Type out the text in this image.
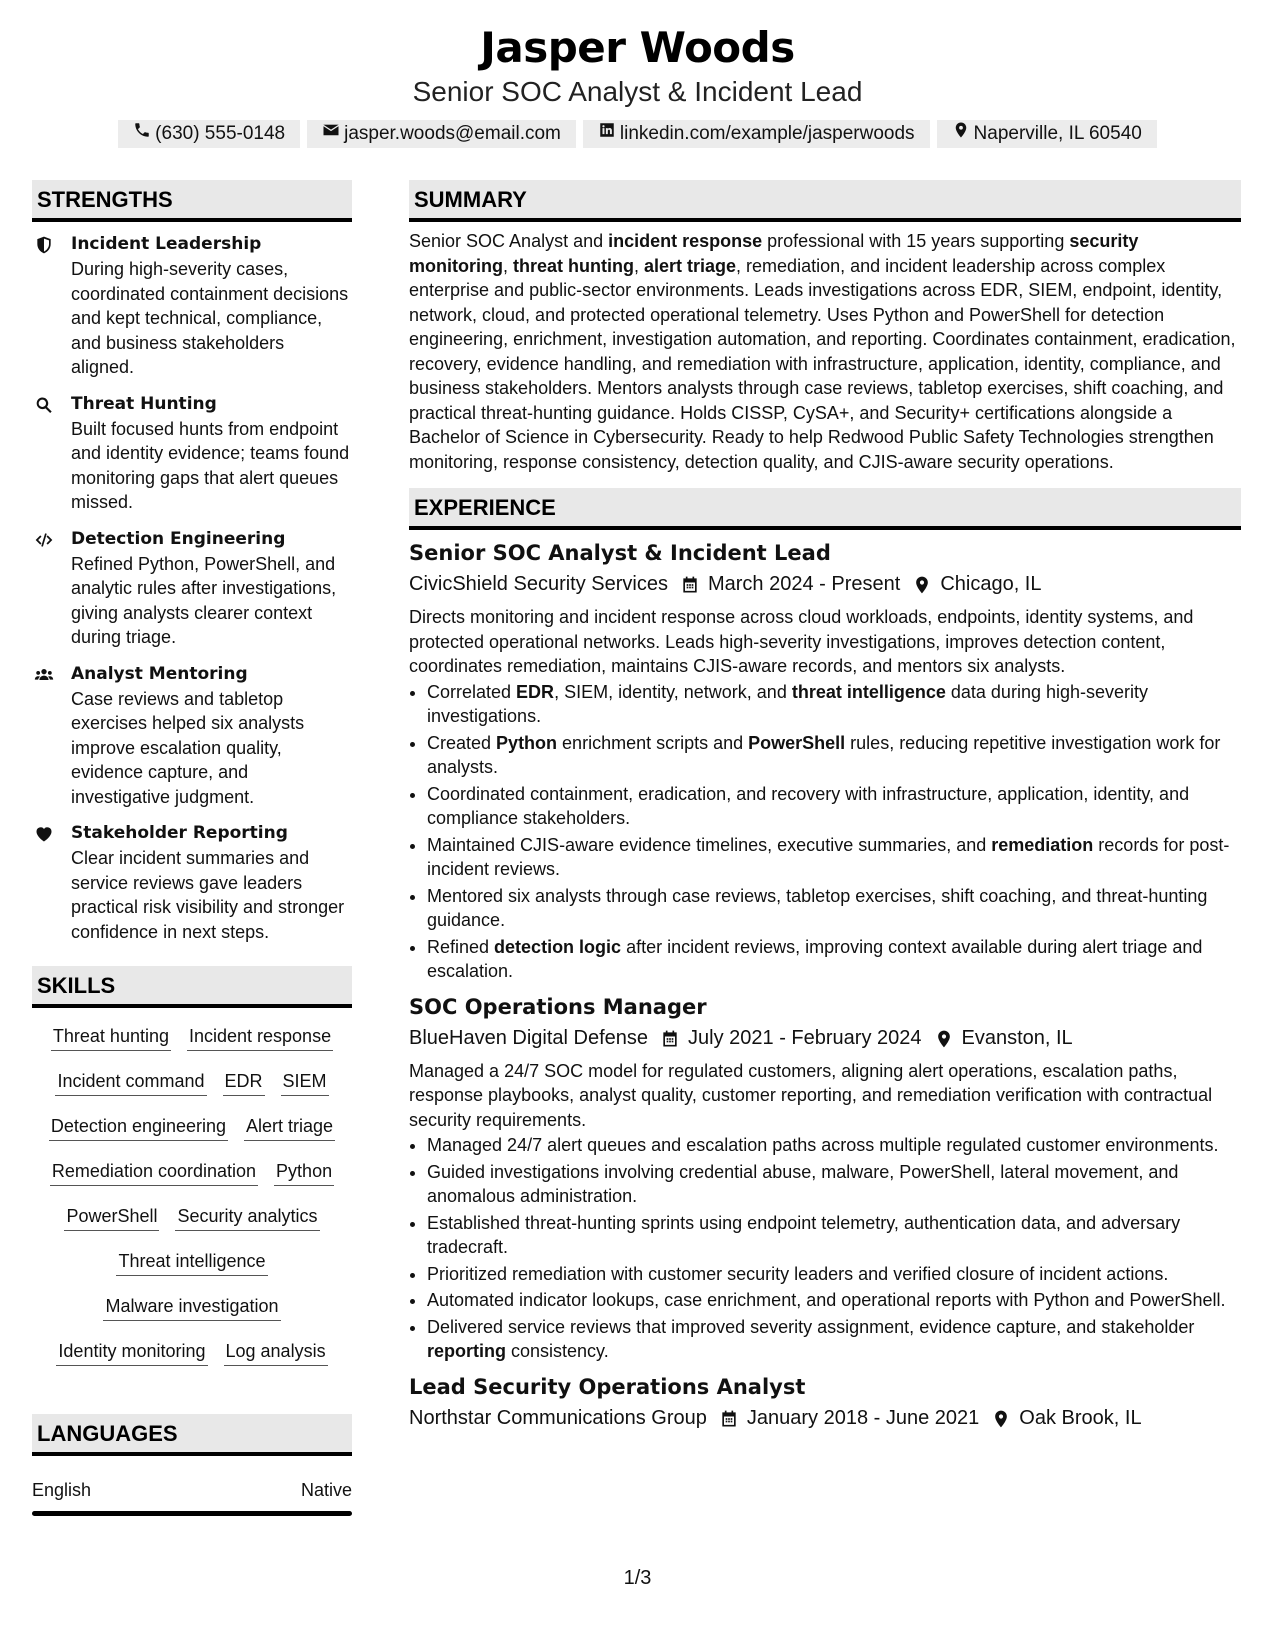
Jasper Woods
Senior SOC Analyst & Incident Lead
(630) 555-0148	jasper.woods@email.com	linkedin.com/example/jasperwoods	Naperville, IL 60540
STRENGTHS
Incident Leadership
During high-severity cases, coordinated containment decisions and kept technical, compliance, and business stakeholders aligned.
Threat Hunting
Built focused hunts from endpoint and identity evidence; teams found monitoring gaps that alert queues missed.
Detection Engineering
Refined Python, PowerShell, and analytic rules after investigations, giving analysts clearer context during triage.
Analyst Mentoring
Case reviews and tabletop exercises helped six analysts improve escalation quality, evidence capture, and investigative judgment.
Stakeholder Reporting
Clear incident summaries and service reviews gave leaders practical risk visibility and stronger confidence in next steps.
SKILLS
Threat hunting Incident response
Incident command EDR SIEM
Detection engineering Alert triage
Remediation coordination Python
PowerShell Security analytics
Threat intelligence
Malware investigation
Identity monitoring Log analysis
LANGUAGES
English	Native
SUMMARY
Senior SOC Analyst and incident response professional with 15 years supporting security monitoring, threat hunting, alert triage, remediation, and incident leadership across complex enterprise and public-sector environments. Leads investigations across EDR, SIEM, endpoint, identity, network, cloud, and protected operational telemetry. Uses Python and PowerShell for detection engineering, enrichment, investigation automation, and reporting. Coordinates containment, eradication, recovery, evidence handling, and remediation with infrastructure, application, identity, compliance, and business stakeholders. Mentors analysts through case reviews, tabletop exercises, shift coaching, and practical threat-hunting guidance. Holds CISSP, CySA+, and Security+ certifications alongside a Bachelor of Science in Cybersecurity. Ready to help Redwood Public Safety Technologies strengthen monitoring, response consistency, detection quality, and CJIS-aware security operations.
EXPERIENCE
Senior SOC Analyst & Incident Lead
CivicShield Security Services March 2024 - Present Chicago, IL
Directs monitoring and incident response across cloud workloads, endpoints, identity systems, and protected operational networks. Leads high-severity investigations, improves detection content, coordinates remediation, maintains CJIS-aware records, and mentors six analysts.
• Correlated EDR, SIEM, identity, network, and threat intelligence data during high-severity investigations.
• Created Python enrichment scripts and PowerShell rules, reducing repetitive investigation work for analysts.
• Coordinated containment, eradication, and recovery with infrastructure, application, identity, and compliance stakeholders.
• Maintained CJIS-aware evidence timelines, executive summaries, and remediation records for post-incident reviews.
• Mentored six analysts through case reviews, tabletop exercises, shift coaching, and threat-hunting guidance.
• Refined detection logic after incident reviews, improving context available during alert triage and escalation.
SOC Operations Manager
BlueHaven Digital Defense July 2021 - February 2024 Evanston, IL
Managed a 24/7 SOC model for regulated customers, aligning alert operations, escalation paths, response playbooks, analyst quality, customer reporting, and remediation verification with contractual security requirements.
• Managed 24/7 alert queues and escalation paths across multiple regulated customer environments.
• Guided investigations involving credential abuse, malware, PowerShell, lateral movement, and anomalous administration.
• Established threat-hunting sprints using endpoint telemetry, authentication data, and adversary tradecraft.
• Prioritized remediation with customer security leaders and verified closure of incident actions.
• Automated indicator lookups, case enrichment, and operational reports with Python and PowerShell.
• Delivered service reviews that improved severity assignment, evidence capture, and stakeholder reporting consistency.
Lead Security Operations Analyst
Northstar Communications Group January 2018 - June 2021 Oak Brook, IL
1/3
